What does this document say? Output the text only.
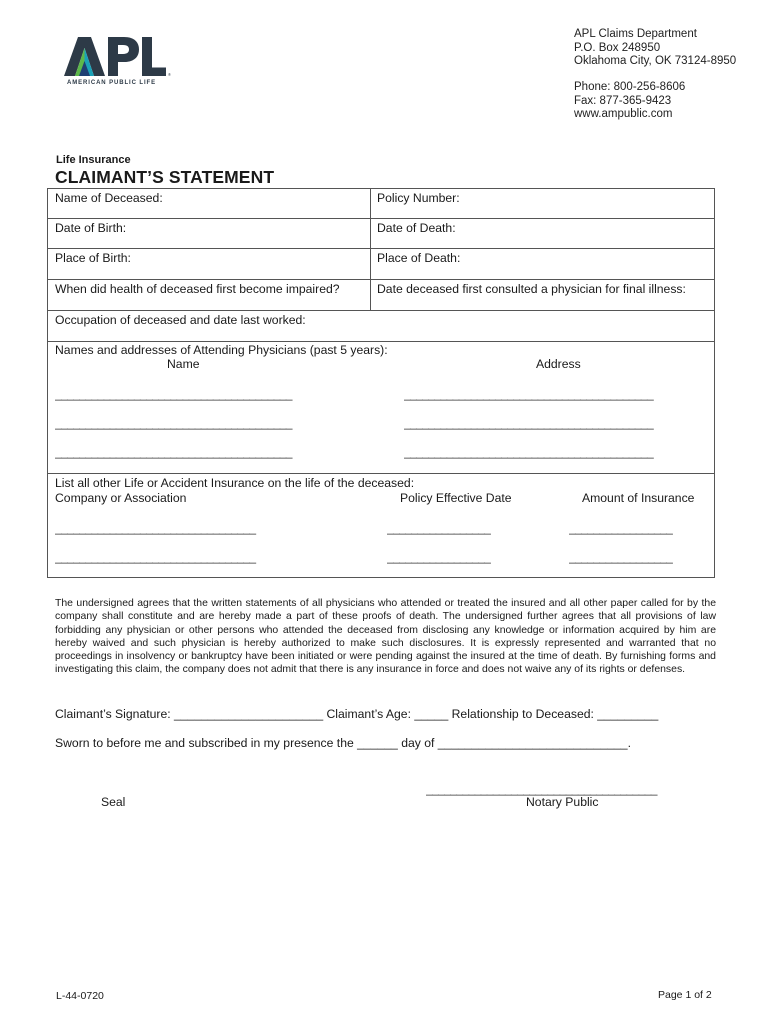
®
AMERICAN PUBLIC LIFE
APL Claims Department
P.O. Box 248950
Oklahoma City, OK 73124-8950
Phone: 800-256-8606
Fax: 877-365-9423
www.ampublic.com
Life Insurance
CLAIMANT’S STATEMENT
Name of Deceased:	Policy Number:
Date of Birth:	Date of Death:
Place of Birth:	Place of Death:
When did health of deceased first become impaired?	Date deceased first consulted a physician for final illness:
Occupation of deceased and date last worked:
Names and addresses of Attending Physicians (past 5 years):
Name	Address
_______________________________________	_________________________________________
_______________________________________	_________________________________________
_______________________________________	_________________________________________
List all other Life or Accident Insurance on the life of the deceased:
Company or Association	Policy Effective Date	Amount of Insurance
_________________________________	_________________	_________________
_________________________________	_________________	_________________
The undersigned agrees that the written statements of all physicians who attended or treated the insured and all other paper called for by the company shall constitute and are hereby made a part of these proofs of death. The undersigned further agrees that all provisions of law forbidding any physician or other persons who attended the deceased from disclosing any knowledge or information acquired by him are hereby waived and such physician is hereby authorized to make such disclosures. It is expressly represented and warranted that no proceedings in insolvency or bankruptcy have been initiated or were pending against the insured at the time of death. By furnishing forms and investigating this claim, the company does not admit that there is any insurance in force and does not waive any of its rights or defenses.
Claimant’s Signature: ______________________ Claimant’s Age: _____ Relationship to Deceased: _________
Sworn to before me and subscribed in my presence the ______ day of ____________________________.
Seal
______________________________________
Notary Public
L-44-0720	Page 1 of 2
